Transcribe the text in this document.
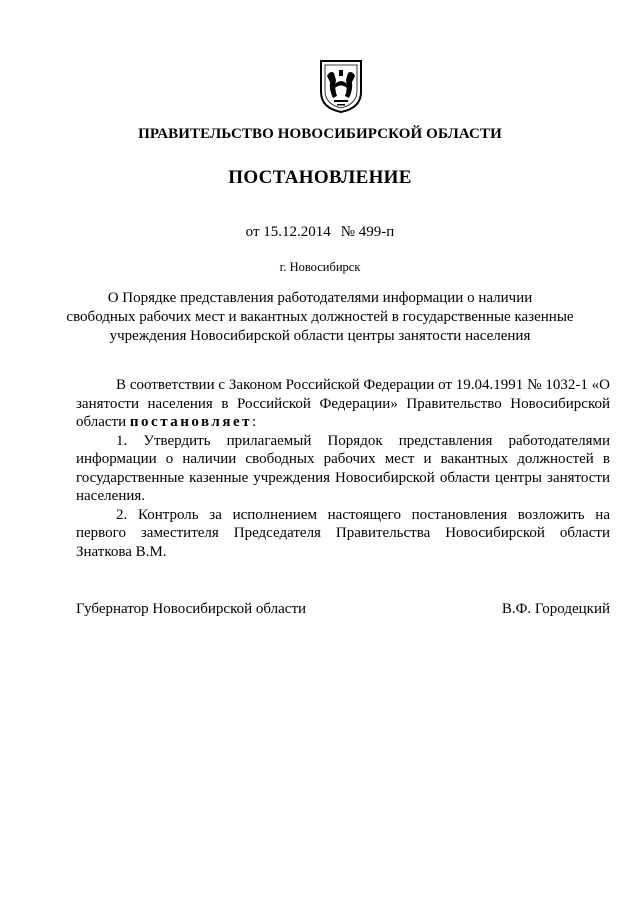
ПРАВИТЕЛЬСТВО НОВОСИБИРСКОЙ ОБЛАСТИ
ПОСТАНОВЛЕНИЕ
от 15.12.2014 № 499-п
г. Новосибирск
О Порядке представления работодателями информации о наличии
свободных рабочих мест и вакантных должностей в государственные казенные
учреждения Новосибирской области центры занятости населения

В соответствии с Законом Российской Федерации от 19.04.1991 № 1032-1 «О занятости населения в Российской Федерации» Правительство Новосибирской области постановляет:

1. Утвердить прилагаемый Порядок представления работодателями информации о наличии свободных рабочих мест и вакантных должностей в государственные казенные учреждения Новосибирской области центры занятости населения.

2. Контроль за исполнением настоящего постановления возложить на первого заместителя Председателя Правительства Новосибирской области Знаткова В.М.

Губернатор Новосибирской области	В.Ф. Городецкий
